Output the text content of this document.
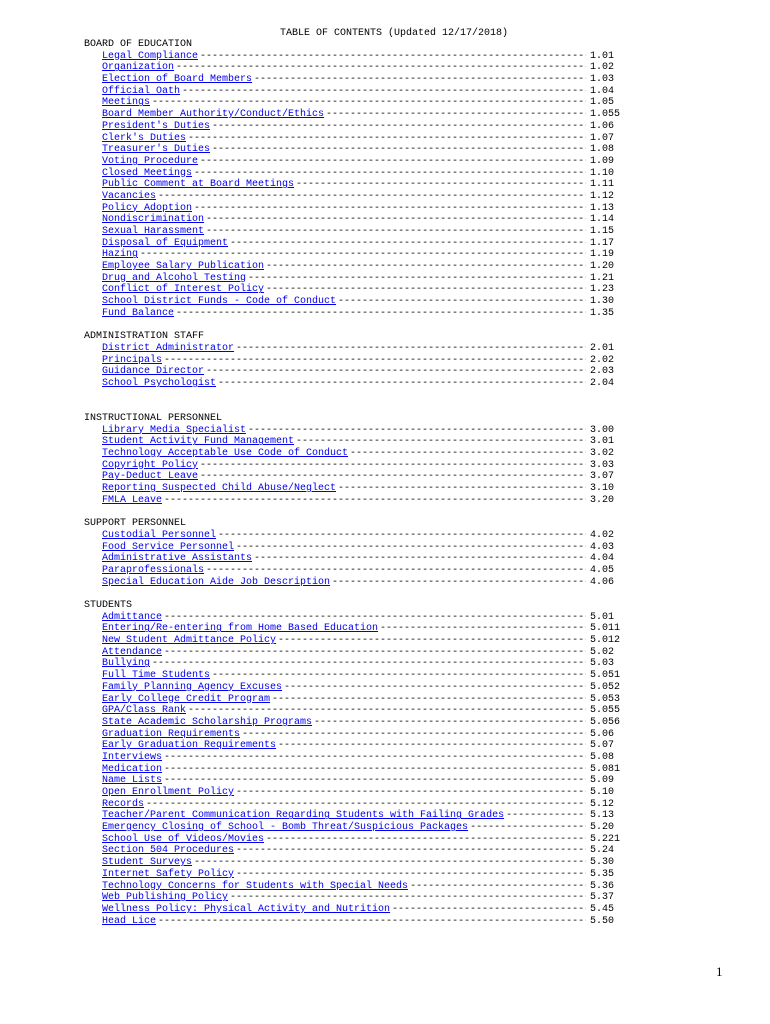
TABLE OF CONTENTS (Updated 12/17/2018)
BOARD OF EDUCATION
Legal Compliance -----	1.01
Organization -----	1.02
Election of Board Members -----	1.03
Official Oath -----	1.04
Meetings -----	1.05
Board Member Authority/Conduct/Ethics -----	1.055
President's Duties -----	1.06
Clerk's Duties -----	1.07
Treasurer's Duties -----	1.08
Voting Procedure -----	1.09
Closed Meetings -----	1.10
Public Comment at Board Meetings -----	1.11
Vacancies -----	1.12
Policy Adoption -----	1.13
Nondiscrimination -----	1.14
Sexual Harassment -----	1.15
Disposal of Equipment -----	1.17
Hazing -----	1.19
Employee Salary Publication -----	1.20
Drug and Alcohol Testing -----	1.21
Conflict of Interest Policy -----	1.23
School District Funds - Code of Conduct -----	1.30
Fund Balance -----	1.35
ADMINISTRATION STAFF
District Administrator -----	2.01
Principals -----	2.02
Guidance Director -----	2.03
School Psychologist -----	2.04
INSTRUCTIONAL PERSONNEL
Library Media Specialist -----	3.00
Student Activity Fund Management -----	3.01
Technology Acceptable Use Code of Conduct -----	3.02
Copyright Policy -----	3.03
Pay-Deduct Leave -----	3.07
Reporting Suspected Child Abuse/Neglect -----	3.10
FMLA Leave -----	3.20
SUPPORT PERSONNEL
Custodial Personnel -----	4.02
Food Service Personnel -----	4.03
Administrative Assistants -----	4.04
Paraprofessionals -----	4.05
Special Education Aide Job Description -----	4.06
STUDENTS
Admittance -----	5.01
Entering/Re-entering from Home Based Education -----	5.011
New Student Admittance Policy -----	5.012
Attendance -----	5.02
Bullying -----	5.03
Full Time Students -----	5.051
Family Planning Agency Excuses -----	5.052
Early College Credit Program -----	5.053
GPA/Class Rank -----	5.055
State Academic Scholarship Programs -----	5.056
Graduation Requirements -----	5.06
Early Graduation Requirements -----	5.07
Interviews -----	5.08
Medication -----	5.081
Name Lists -----	5.09
Open Enrollment Policy -----	5.10
Records -----	5.12
Teacher/Parent Communication Regarding Students with Failing Grades -----	5.13
Emergency Closing of School - Bomb Threat/Suspicious Packages -----	5.20
School Use of Videos/Movies -----	5.221
Section 504 Procedures -----	5.24
Student Surveys -----	5.30
Internet Safety Policy -----	5.35
Technology Concerns for Students with Special Needs -----	5.36
Web Publishing Policy -----	5.37
Wellness Policy: Physical Activity and Nutrition -----	5.45
Head Lice -----	5.50
1
